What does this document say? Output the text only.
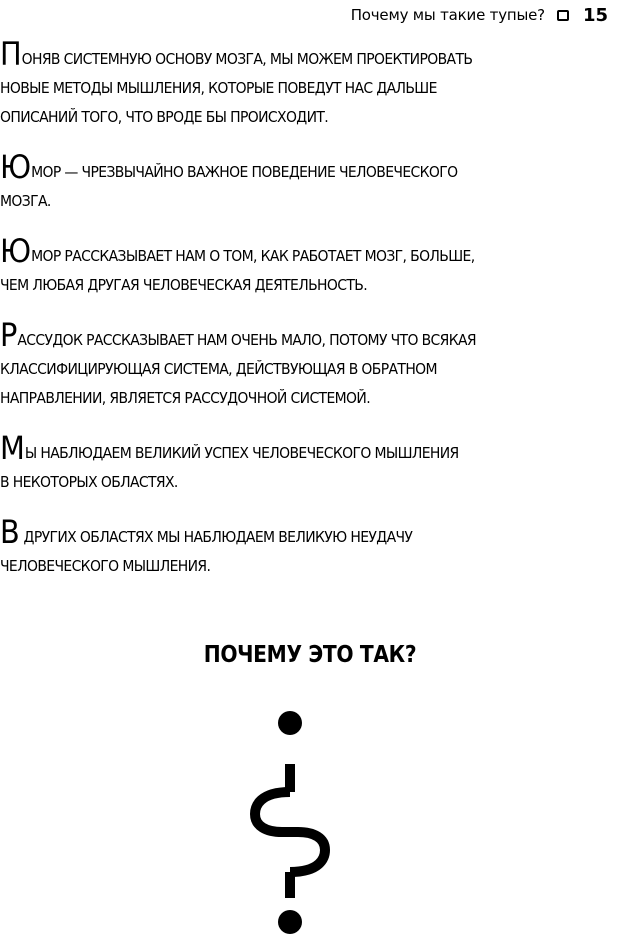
Почему мы такие тупые? 15

ПОНЯВ СИСТЕМНУЮ ОСНОВУ МОЗГА, МЫ МОЖЕМ ПРОЕКТИРОВАТЬ
НОВЫЕ МЕТОДЫ МЫШЛЕНИЯ, КОТОРЫЕ ПОВЕДУТ НАС ДАЛЬШЕ
ОПИСАНИЙ ТОГО, ЧТО ВРОДЕ БЫ ПРОИСХОДИТ.

ЮМОР — ЧРЕЗВЫЧАЙНО ВАЖНОЕ ПОВЕДЕНИЕ ЧЕЛОВЕЧЕСКОГО
МОЗГА.

ЮМОР РАССКАЗЫВАЕТ НАМ О ТОМ, КАК РАБОТАЕТ МОЗГ, БОЛЬШЕ,
ЧЕМ ЛЮБАЯ ДРУГАЯ ЧЕЛОВЕЧЕСКАЯ ДЕЯТЕЛЬНОСТЬ.

РАССУДОК РАССКАЗЫВАЕТ НАМ ОЧЕНЬ МАЛО, ПОТОМУ ЧТО ВСЯКАЯ
КЛАССИФИЦИРУЮЩАЯ СИСТЕМА, ДЕЙСТВУЮЩАЯ В ОБРАТНОМ
НАПРАВЛЕНИИ, ЯВЛЯЕТСЯ РАССУДОЧНОЙ СИСТЕМОЙ.

МЫ НАБЛЮДАЕМ ВЕЛИКИЙ УСПЕХ ЧЕЛОВЕЧЕСКОГО МЫШЛЕНИЯ
В НЕКОТОРЫХ ОБЛАСТЯХ.

В ДРУГИХ ОБЛАСТЯХ МЫ НАБЛЮДАЕМ ВЕЛИКУЮ НЕУДАЧУ
ЧЕЛОВЕЧЕСКОГО МЫШЛЕНИЯ.

ПОЧЕМУ ЭТО ТАК?
